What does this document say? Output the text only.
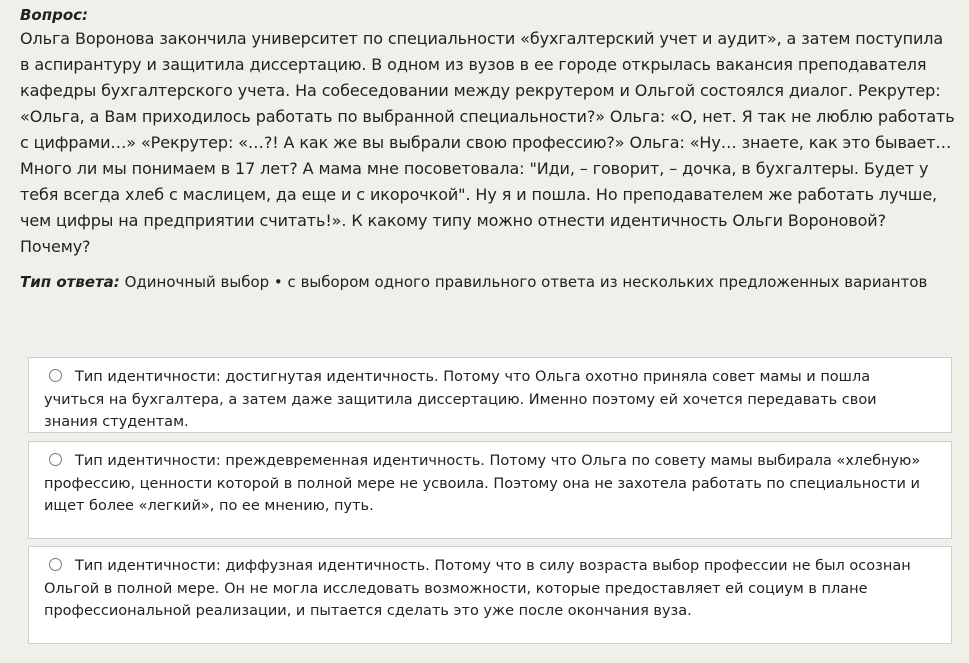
Вопрос:

Ольга Воронова закончила университет по специальности «бухгалтерский учет и аудит», а затем поступила в аспирантуру и защитила диссертацию. В одном из вузов в ее городе открылась вакансия преподавателя кафедры бухгалтерского учета. На собеседовании между рекрутером и Ольгой состоялся диалог. Рекрутер: «Ольга, а Вам приходилось работать по выбранной специальности?» Ольга: «О, нет. Я так не люблю работать с цифрами…» «Рекрутер: «…?! А как же вы выбрали свою профессию?» Ольга: «Ну… знаете, как это бывает… Много ли мы понимаем в 17 лет? А мама мне посоветовала: "Иди, – говорит, – дочка, в бухгалтеры. Будет у тебя всегда хлеб с маслицем, да еще и с икорочкой". Ну я и пошла. Но преподавателем же работать лучше, чем цифры на предприятии считать!». К какому типу можно отнести идентичность Ольги Вороновой? Почему?

Тип ответа: Одиночный выбор • с выбором одного правильного ответа из нескольких предложенных вариантов
Тип идентичности: достигнутая идентичность. Потому что Ольга охотно приняла совет мамы и пошла учиться на бухгалтера, а затем даже защитила диссертацию. Именно поэтому ей хочется передавать свои знания студентам.
Тип идентичности: преждевременная идентичность. Потому что Ольга по совету мамы выбирала «хлебную» профессию, ценности которой в полной мере не усвоила. Поэтому она не захотела работать по специальности и ищет более «легкий», по ее мнению, путь.
Тип идентичности: диффузная идентичность. Потому что в силу возраста выбор профессии не был осознан Ольгой в полной мере. Он не могла исследовать возможности, которые предоставляет ей социум в плане профессиональной реализации, и пытается сделать это уже после окончания вуза.
